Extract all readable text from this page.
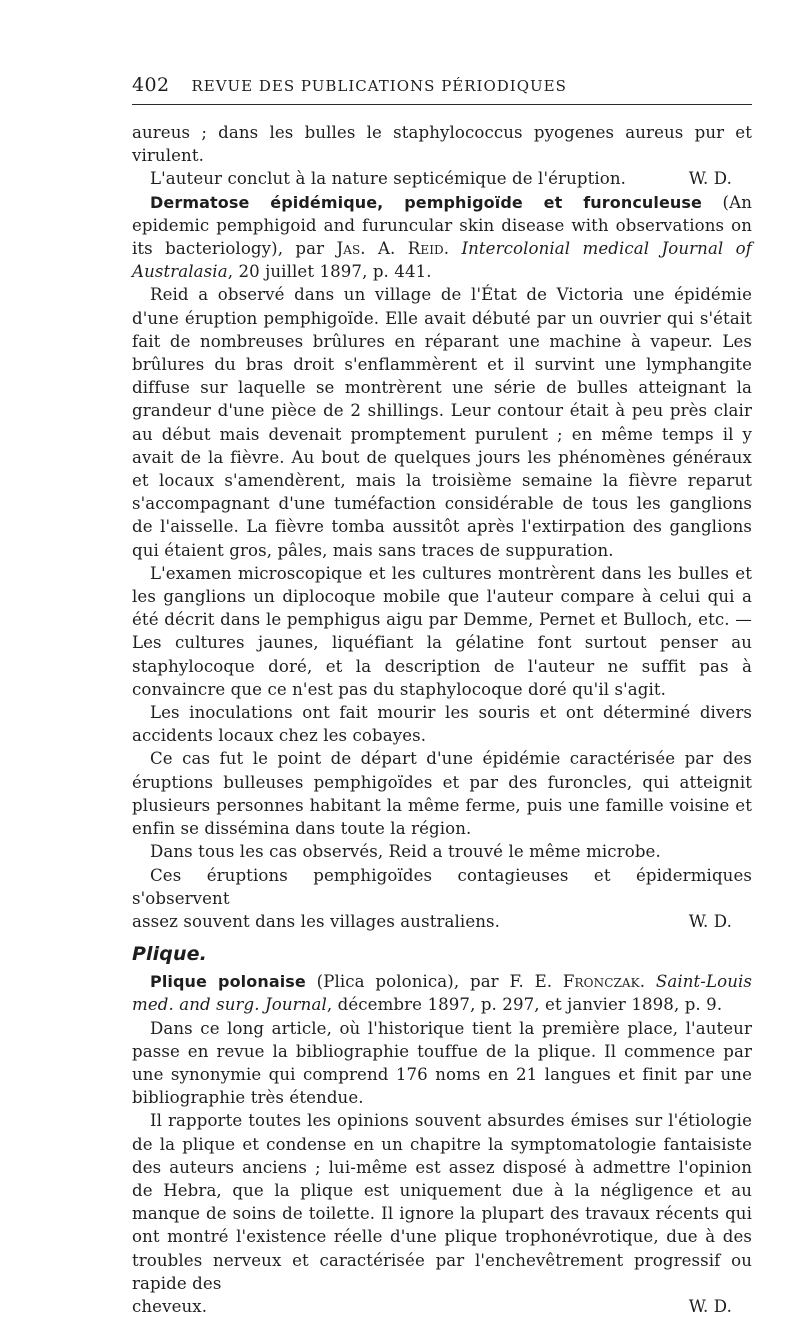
402 REVUE DES PUBLICATIONS PÉRIODIQUES

aureus ; dans les bulles le staphylococcus pyogenes aureus pur et virulent.

L'auteur conclut à la nature septicémique de l'éruption.	W. D.

Dermatose épidémique, pemphigoïde et furonculeuse (An epidemic pemphigoid and furuncular skin disease with observations on its bacteriology), par Jas. A. Reid. Intercolonial medical Journal of Australasia, 20 juillet 1897, p. 441.

Reid a observé dans un village de l'État de Victoria une épidémie d'une éruption pemphigoïde. Elle avait débuté par un ouvrier qui s'était fait de nombreuses brûlures en réparant une machine à vapeur. Les brûlures du bras droit s'enflammèrent et il survint une lymphangite diffuse sur laquelle se montrèrent une série de bulles atteignant la grandeur d'une pièce de 2 shillings. Leur contour était à peu près clair au début mais devenait promptement purulent ; en même temps il y avait de la fièvre. Au bout de quelques jours les phénomènes généraux et locaux s'amendèrent, mais la troisième semaine la fièvre reparut s'accompagnant d'une tuméfaction considérable de tous les ganglions de l'aisselle. La fièvre tomba aussitôt après l'extirpation des ganglions qui étaient gros, pâles, mais sans traces de suppuration.

L'examen microscopique et les cultures montrèrent dans les bulles et les ganglions un diplocoque mobile que l'auteur compare à celui qui a été décrit dans le pemphigus aigu par Demme, Pernet et Bulloch, etc. — Les cultures jaunes, liquéfiant la gélatine font surtout penser au staphylocoque doré, et la description de l'auteur ne suffit pas à convaincre que ce n'est pas du staphylocoque doré qu'il s'agit.

Les inoculations ont fait mourir les souris et ont déterminé divers accidents locaux chez les cobayes.

Ce cas fut le point de départ d'une épidémie caractérisée par des éruptions bulleuses pemphigoïdes et par des furoncles, qui atteignit plusieurs personnes habitant la même ferme, puis une famille voisine et enfin se dissémina dans toute la région.

Dans tous les cas observés, Reid a trouvé le même microbe.

Ces éruptions pemphigoïdes contagieuses et épidermiques s'observent

assez souvent dans les villages australiens.	W. D.

Plique.

Plique polonaise (Plica polonica), par F. E. Fronczak. Saint-Louis med. and surg. Journal, décembre 1897, p. 297, et janvier 1898, p. 9.

Dans ce long article, où l'historique tient la première place, l'auteur passe en revue la bibliographie touffue de la plique. Il commence par une synonymie qui comprend 176 noms en 21 langues et finit par une bibliographie très étendue.

Il rapporte toutes les opinions souvent absurdes émises sur l'étiologie de la plique et condense en un chapitre la symptomatologie fantaisiste des auteurs anciens ; lui-même est assez disposé à admettre l'opinion de Hebra, que la plique est uniquement due à la négligence et au manque de soins de toilette. Il ignore la plupart des travaux récents qui ont montré l'existence réelle d'une plique trophonévrotique, due à des troubles nerveux et caractérisée par l'enchevêtrement progressif ou rapide des

cheveux.	W. D.
